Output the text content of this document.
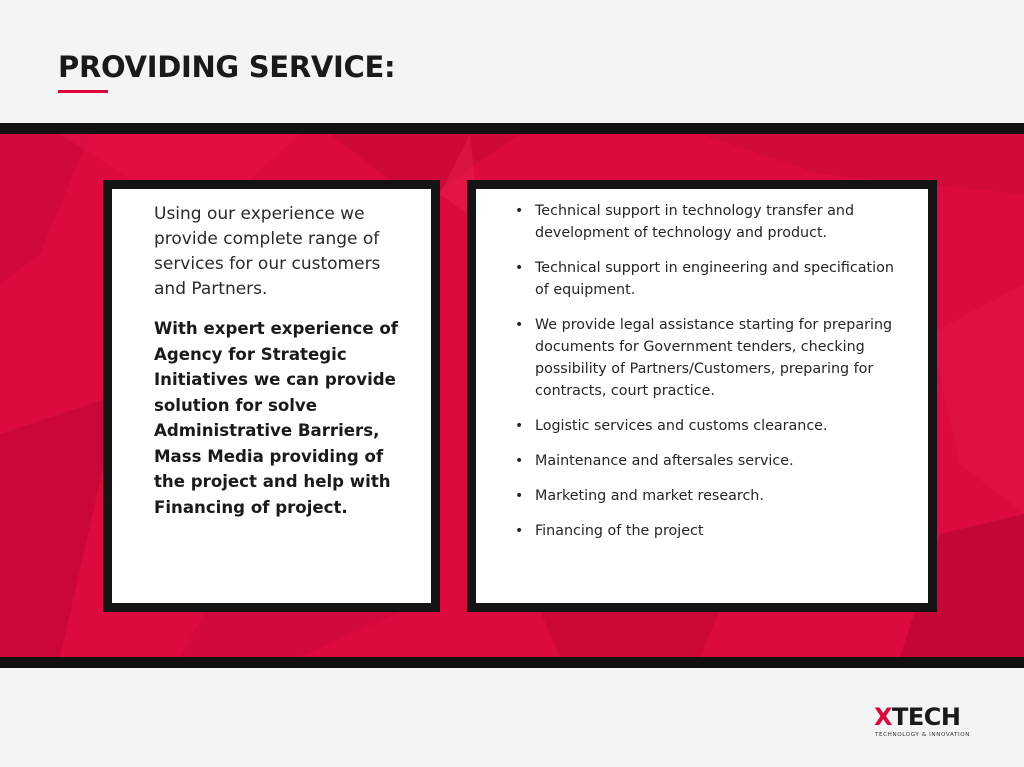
PROVIDING SERVICE:

Using our experience we provide complete range of services for our customers and Partners.

With expert experience of Agency for Strategic Initiatives we can provide solution for solve Administrative Barriers, Mass Media providing of the project and help with Financing of project.

• Technical support in technology transfer and development of technology and product.
• Technical support in engineering and specification of equipment.
• We provide legal assistance starting for preparing documents for Government tenders, checking possibility of Partners/Customers, preparing for contracts, court practice.
• Logistic services and customs clearance.
• Maintenance and aftersales service.
• Marketing and market research.
• Financing of the project
XTECH
TECHNOLOGY & INNOVATION
